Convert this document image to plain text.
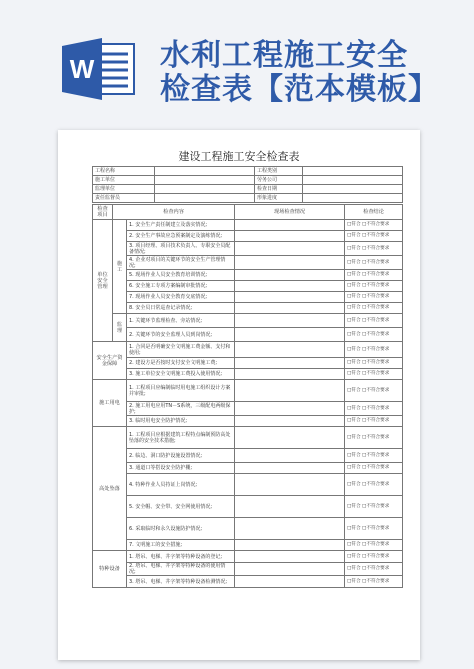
W 水利工程施工安全
检查表【范本模板】
建设工程施工安全检查表
工程名称		工程类别	
施工单位		劳务公司	
监理单位		检查日期	
责任监督员		形象进度	
检查项目	检查内容		现场检查情况	检查结论
单位安全管理	施工	1. 安全生产责任制建立及落实情况;		□符合 □不符合要求
		2. 安全生产事故应急预案制定及演练情况;		□符合 □不符合要求
		3. 项目经理、项目技术负责人、专职安全员配备情况;		□符合 □不符合要求
		4. 企业对项目的关键环节的安全生产管理情况;		□符合 □不符合要求
		5. 现场作业人员安全教育培训情况;		□符合 □不符合要求
		6. 安全施工专项方案编制审批情况;		□符合 □不符合要求
		7. 现场作业人员安全教育交底情况;		□符合 □不符合要求
		8. 安全员日常巡查记录情况;		□符合 □不符合要求
	监理	1. 关键环节监理检查、旁站情况;		□符合 □不符合要求
		2. 关键环节的安全监理人员到岗情况;		□符合 □不符合要求
安全生产资金保障		1. 合同是否明确安全文明施工费金额、支付和使用;		□符合 □不符合要求
		2. 建设方是否按时支付安全文明施工费;		□符合 □不符合要求
		3. 施工单位安全文明施工费投入使用情况;		□符合 □不符合要求
施工用电		1. 工程项目应编制临时用电施工组织设计方案并审批;		□符合 □不符合要求
		2. 施工用电应用TN－S系统，三级配电两级保护;		□符合 □不符合要求
		3. 临时用电安全防护情况;		□符合 □不符合要求
高处坠落		1. 工程项目应根据建筑工程特点编制预防高处坠落的安全技术措施;		□符合 □不符合要求
		2. 临边、洞口防护设施设置情况;		□符合 □不符合要求
		3. 通道口等搭设安全防护棚;		□符合 □不符合要求
		4. 特种作业人员持证上岗情况;		□符合 □不符合要求
		5. 安全帽、安全带、安全网使用情况;		□符合 □不符合要求
		6. 采取临时和永久设施防护情况;		□符合 □不符合要求
		7. 文明施工的安全措施;		□符合 □不符合要求
特种设备		1. 塔吊、电梯、井字架等特种设备的登记;		□符合 □不符合要求
		2. 塔吊、电梯、井字架等特种设备的使用情况;		□符合 □不符合要求
		3. 塔吊、电梯、井字架等特种设备检测情况;		□符合 □不符合要求
